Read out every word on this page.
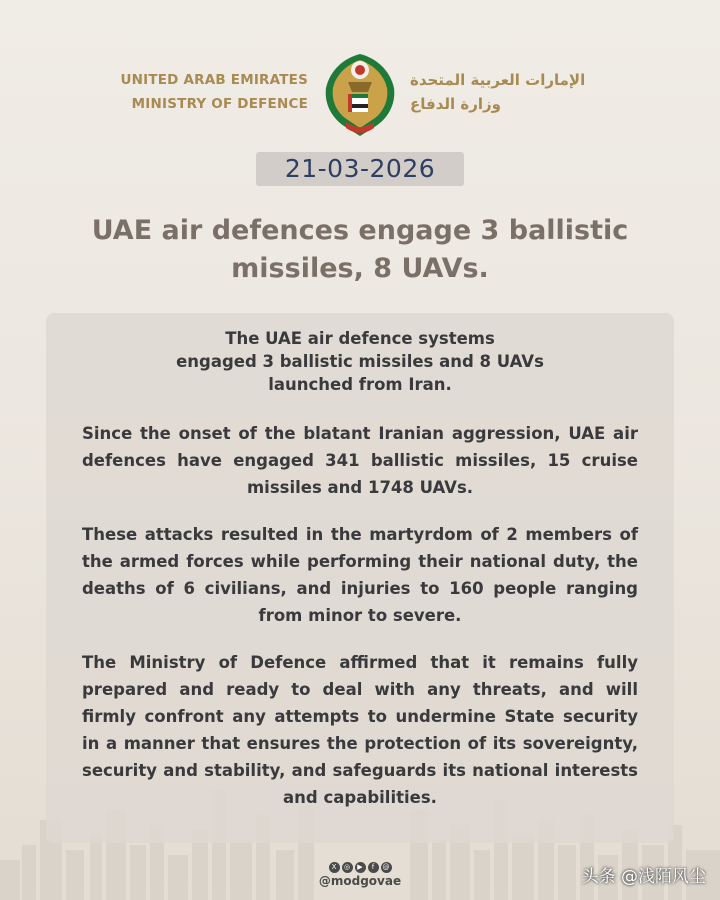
UNITED ARAB EMIRATES
MINISTRY OF DEFENCE
الإمارات العربية المتحدة
وزارة الدفاع
21-03-2026
UAE air defences engage 3 ballistic
missiles, 8 UAVs.
The UAE air defence systems
engaged 3 ballistic missiles and 8 UAVs
launched from Iran.
Since the onset of the blatant Iranian aggression, UAE air defences have engaged 341 ballistic missiles, 15 cruise missiles and 1748 UAVs.
These attacks resulted in the martyrdom of 2 members of the armed forces while performing their national duty, the deaths of 6 civilians, and injuries to 160 people ranging from minor to severe.
The Ministry of Defence affirmed that it remains fully prepared and ready to deal with any threats, and will firmly confront any attempts to undermine State security in a manner that ensures the protection of its sovereignty, security and stability, and safeguards its national interests and capabilities.
X ◎ ▶ f @
@modgovae	头条 @浅陌风尘
